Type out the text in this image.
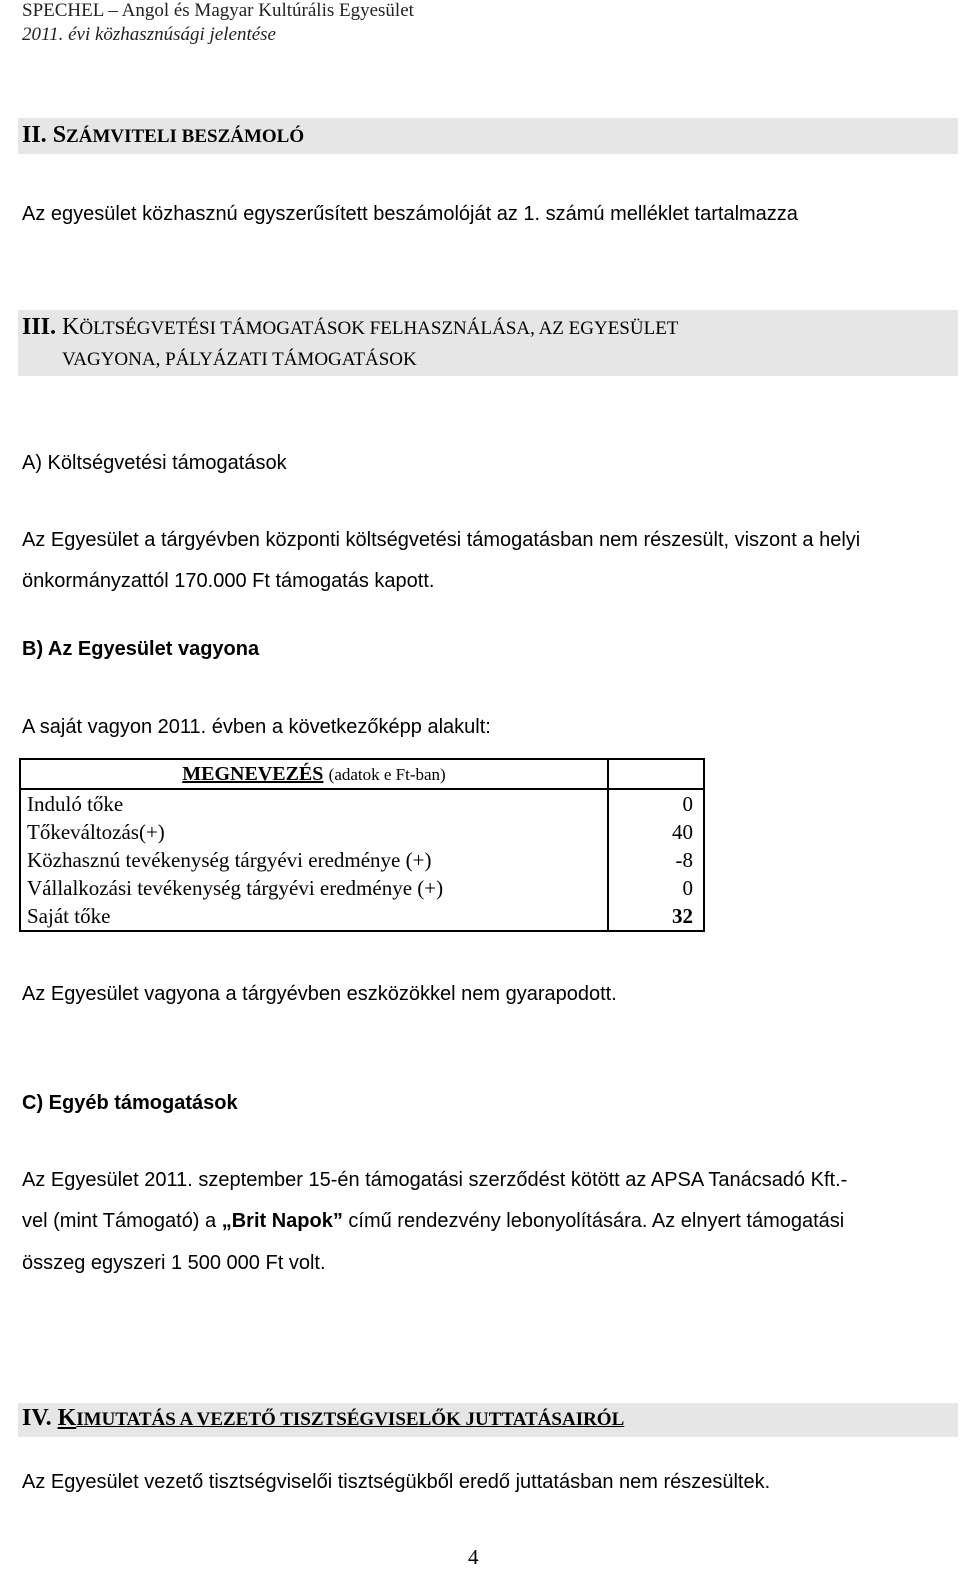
SPECHEL – Angol és Magyar Kultúrális Egyesület
2011. évi közhasznúsági jelentése
II. SZÁMVITELI BESZÁMOLÓ
Az egyesület közhasznú egyszerűsített beszámolóját az 1. számú melléklet tartalmazza
III. KÖLTSÉGVETÉSI TÁMOGATÁSOK FELHASZNÁLÁSA, AZ EGYESÜLET
VAGYONA, PÁLYÁZATI TÁMOGATÁSOK
A) Költségvetési támogatások
Az Egyesület a tárgyévben központi költségvetési támogatásban nem részesült, viszont a helyi
önkormányzattól 170.000 Ft támogatás kapott.
B) Az Egyesület vagyona
A saját vagyon 2011. évben a következőképp alakult:
MEGNEVEZÉS (adatok e Ft-ban)	
Induló tőke	0
Tőkeváltozás(+)	40
Közhasznú tevékenység tárgyévi eredménye (+)	-8
Vállalkozási tevékenység tárgyévi eredménye (+)	0
Saját tőke	32
Az Egyesület vagyona a tárgyévben eszközökkel nem gyarapodott.
C) Egyéb támogatások
Az Egyesület 2011. szeptember 15-én támogatási szerződést kötött az APSA Tanácsadó Kft.-
vel (mint Támogató) a „Brit Napok” című rendezvény lebonyolítására. Az elnyert támogatási
összeg egyszeri 1 500 000 Ft volt.
IV. KIMUTATÁS A VEZETŐ TISZTSÉGVISELŐK JUTTATÁSAIRÓL
Az Egyesület vezető tisztségviselői tisztségükből eredő juttatásban nem részesültek.
4
